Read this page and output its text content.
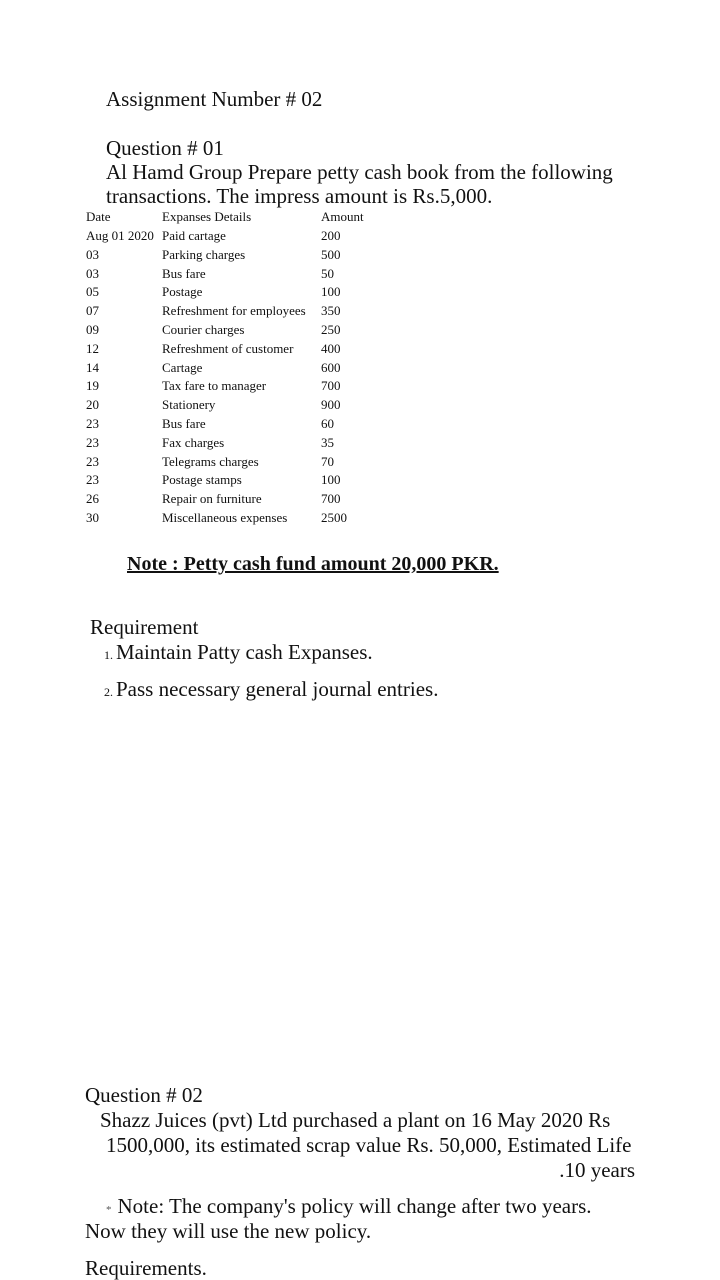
Assignment Number # 02
Question # 01
Al Hamd Group Prepare petty cash book from the following
transactions. The impress amount is Rs.5,000.
Date	Expanses Details	Amount
Aug 01 2020 Paid cartage	200
03	Parking charges	500
03	Bus fare	50
05	Postage	100
07	Refreshment for employees 350
09	Courier charges	250
12	Refreshment of customer 400
14	Cartage	600
19	Tax fare to manager	700
20	Stationery	900
23	Bus fare	60
23	Fax charges	35
23	Telegrams charges	70
23	Postage stamps	100
26	Repair on furniture	700
30	Miscellaneous expenses	2500
Note : Petty cash fund amount 20,000 PKR.
Requirement
1. Maintain Patty cash Expanses.
2. Pass necessary general journal entries.
Question # 02
Shazz Juices (pvt) Ltd purchased a plant on 16 May 2020 Rs
1500,000, its estimated scrap value Rs. 50,000, Estimated Life
.10 years
* Note: The company's policy will change after two years.
Now they will use the new policy.
Requirements.
